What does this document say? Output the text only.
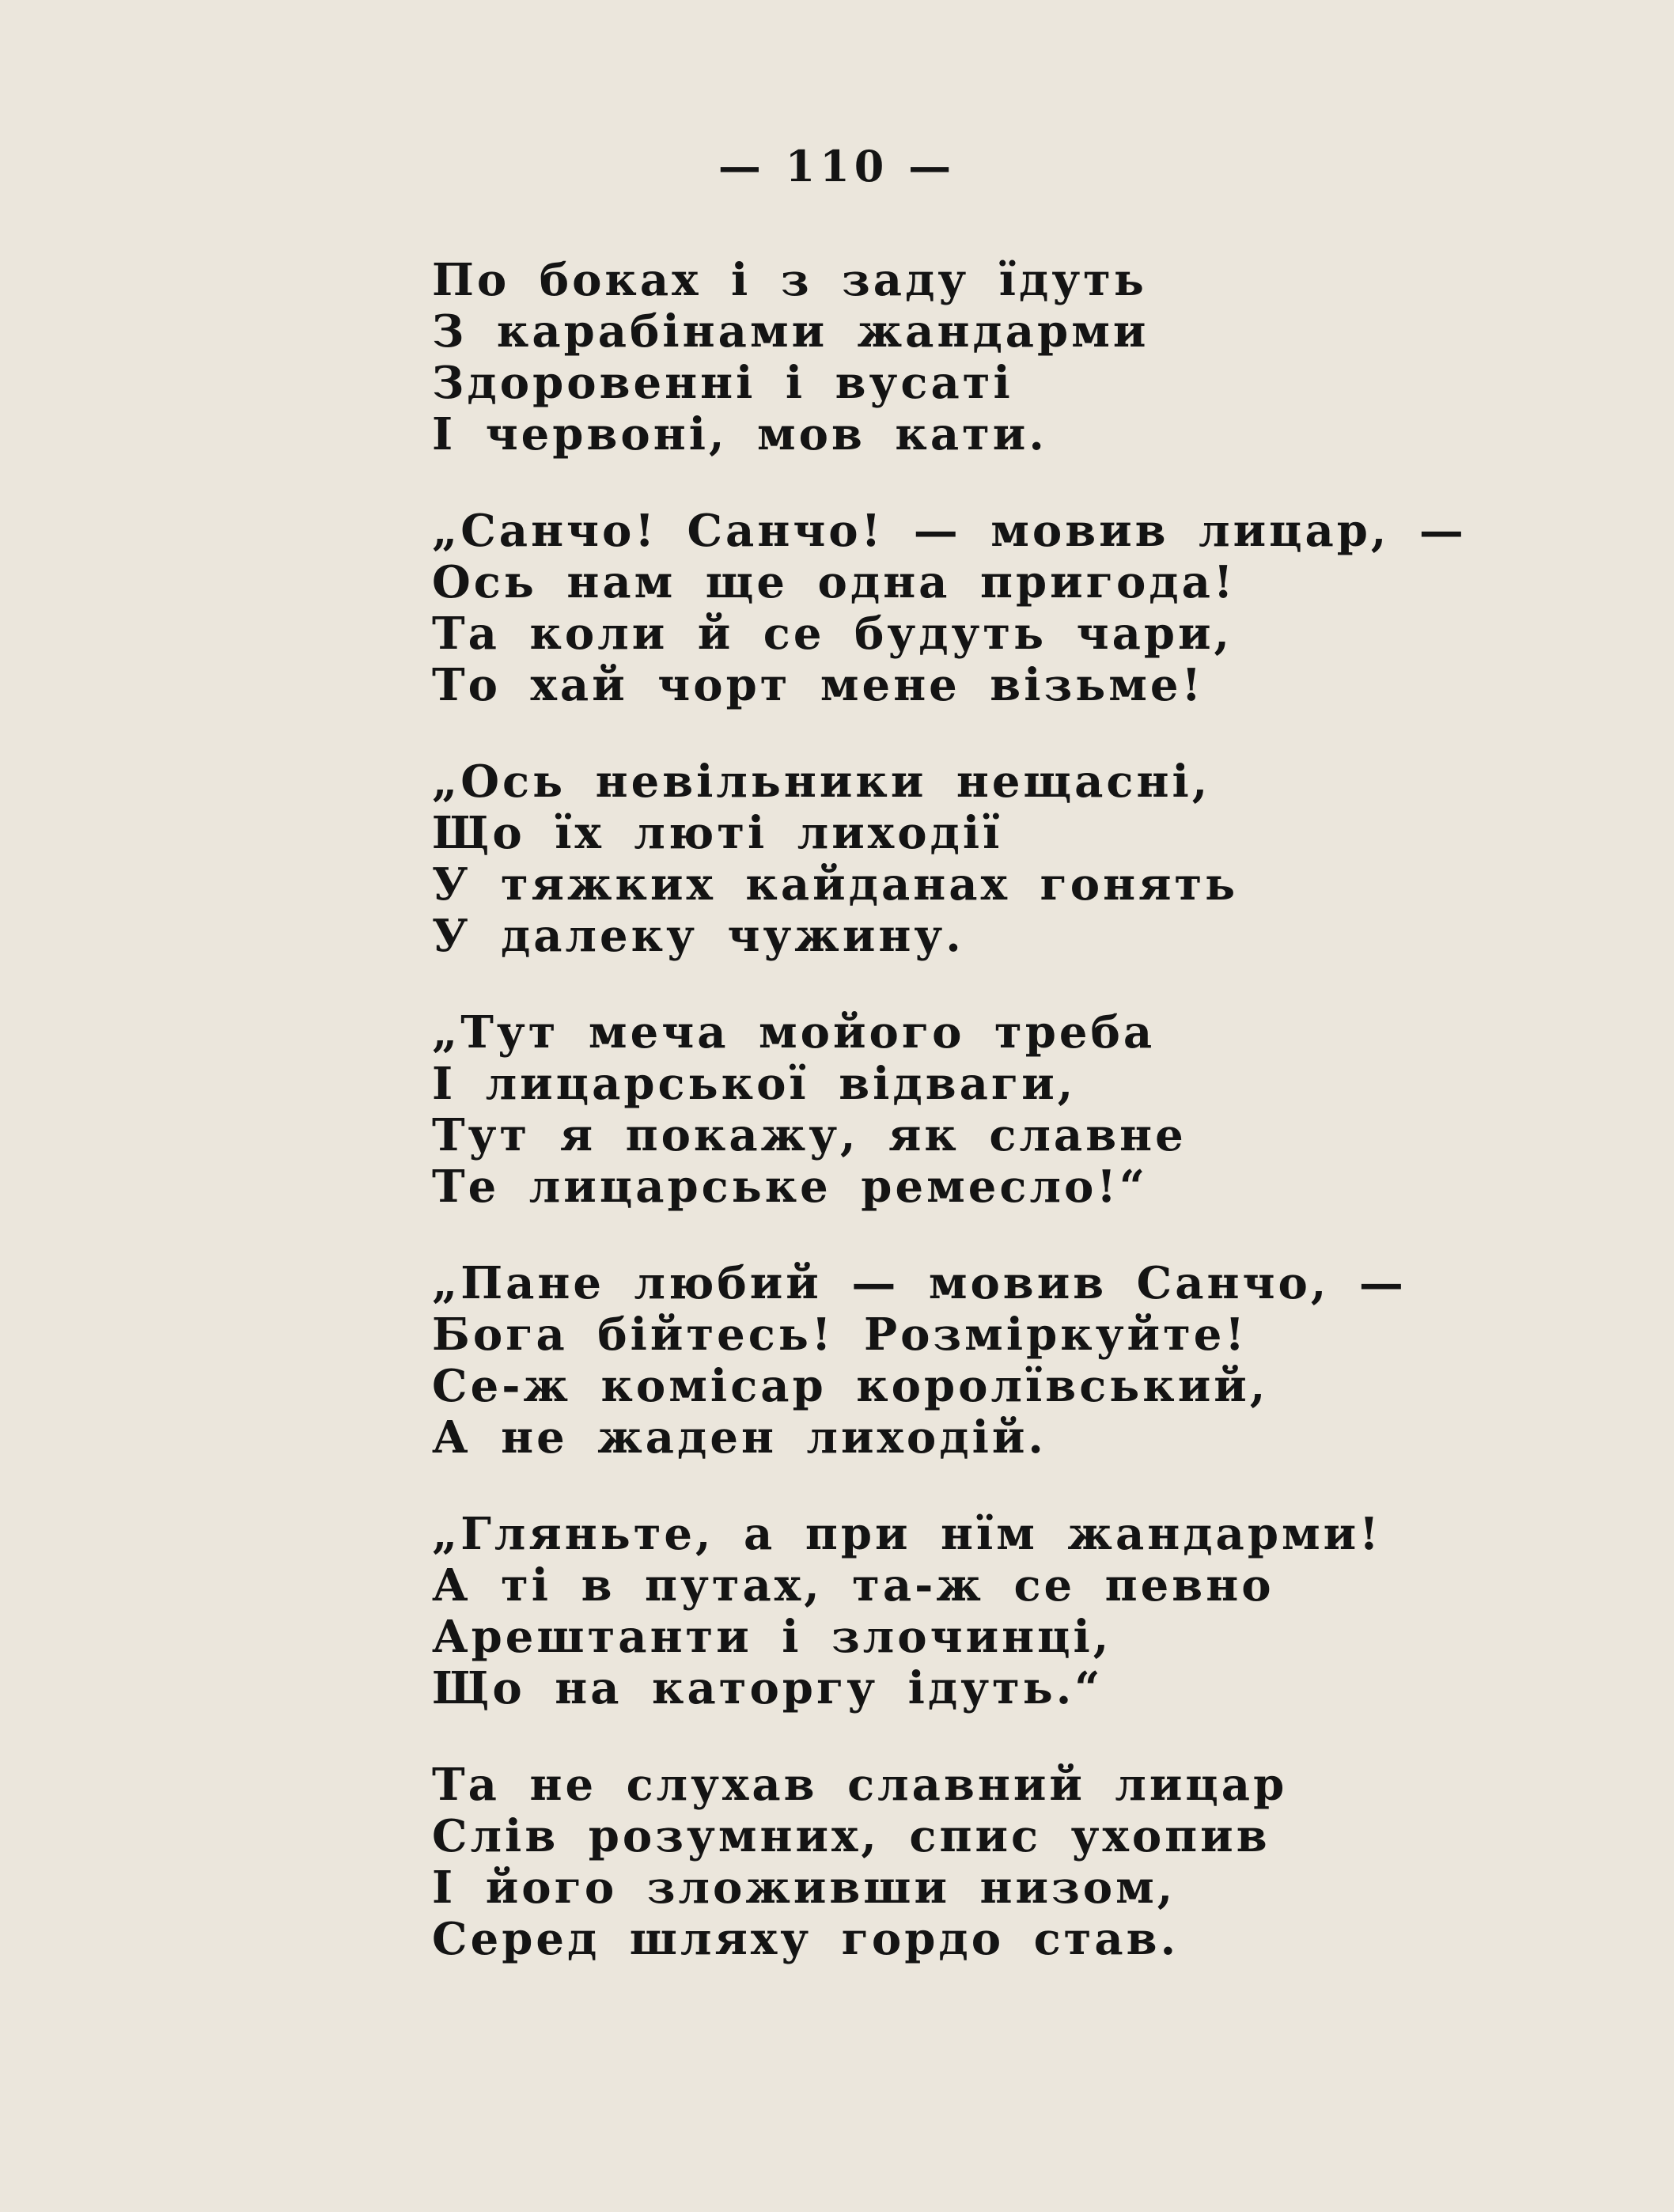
— 110 —
По боках і з заду їдуть
З карабінами жандарми
Здоровенні і вусаті
І червоні, мов кати.
„Санчо! Санчо! — мовив лицар, —
Ось нам ще одна пригода!
Та коли й се будуть чари,
То хай чорт мене візьме!
„Ось невільники нещасні,
Що їх люті лиходії
У тяжких кайданах гонять
У далеку чужину.
„Тут меча мойого треба
І лицарської відваги,
Тут я покажу, як славне
Те лицарське ремесло!“
„Пане любий — мовив Санчо, —
Бога бійтесь! Розміркуйте!
Се-ж комісар королївський,
А не жаден лиходій.
„Гляньте, а при нїм жандарми!
А ті в путах, та-ж се певно
Арештанти і злочинці,
Що на каторгу ідуть.“
Та не слухав славний лицар
Слів розумних, спис ухопив
І його зложивши низом,
Серед шляху гордо став.
